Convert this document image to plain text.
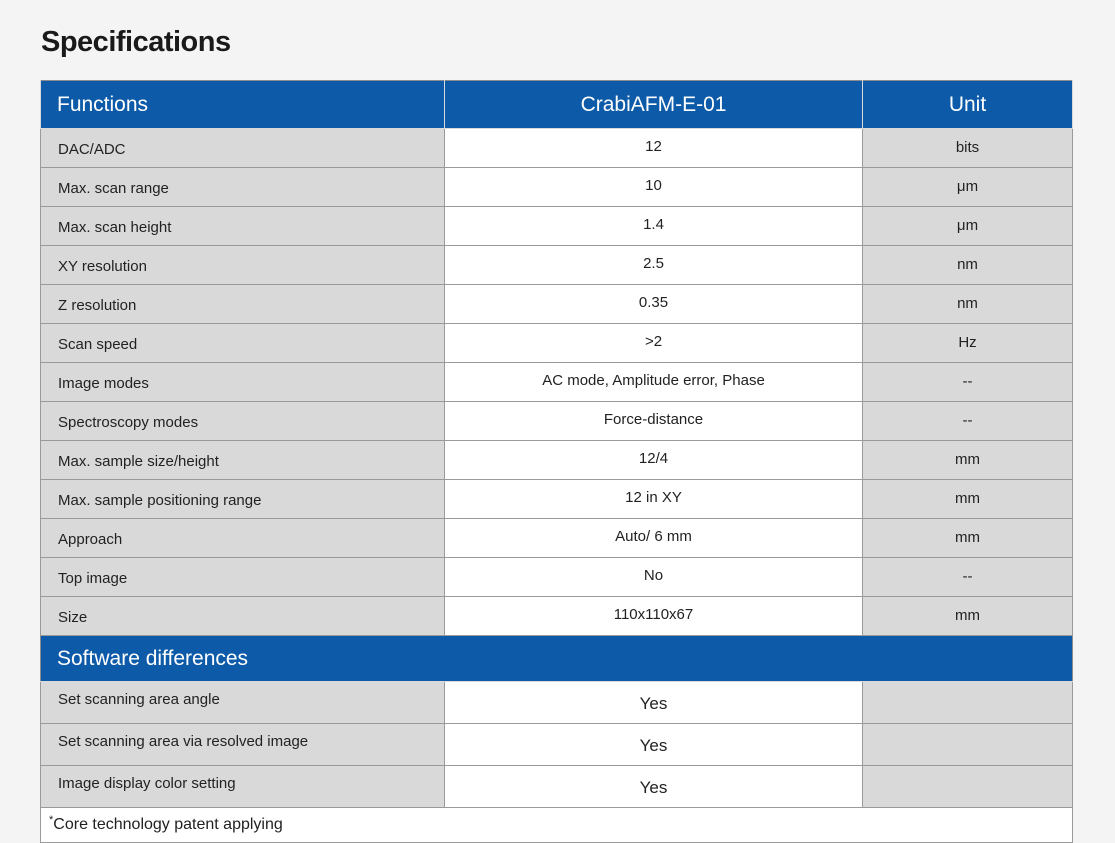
Specifications
Functions	CrabiAFM-E-01	Unit
DAC/ADC	12	bits
Max. scan range	10	μm
Max. scan height	1.4	μm
XY resolution	2.5	nm
Z resolution	0.35	nm
Scan speed	>2	Hz
Image modes	AC mode, Amplitude error, Phase	--
Spectroscopy modes	Force-distance	--
Max. sample size/height	12/4	mm
Max. sample positioning range	12 in XY	mm
Approach	Auto/ 6 mm	mm
Top image	No	--
Size	110x110x67	mm
Software differences		
Set scanning area angle	Yes	
Set scanning area via resolved image	Yes	
Image display color setting	Yes	
*Core technology patent applying		
